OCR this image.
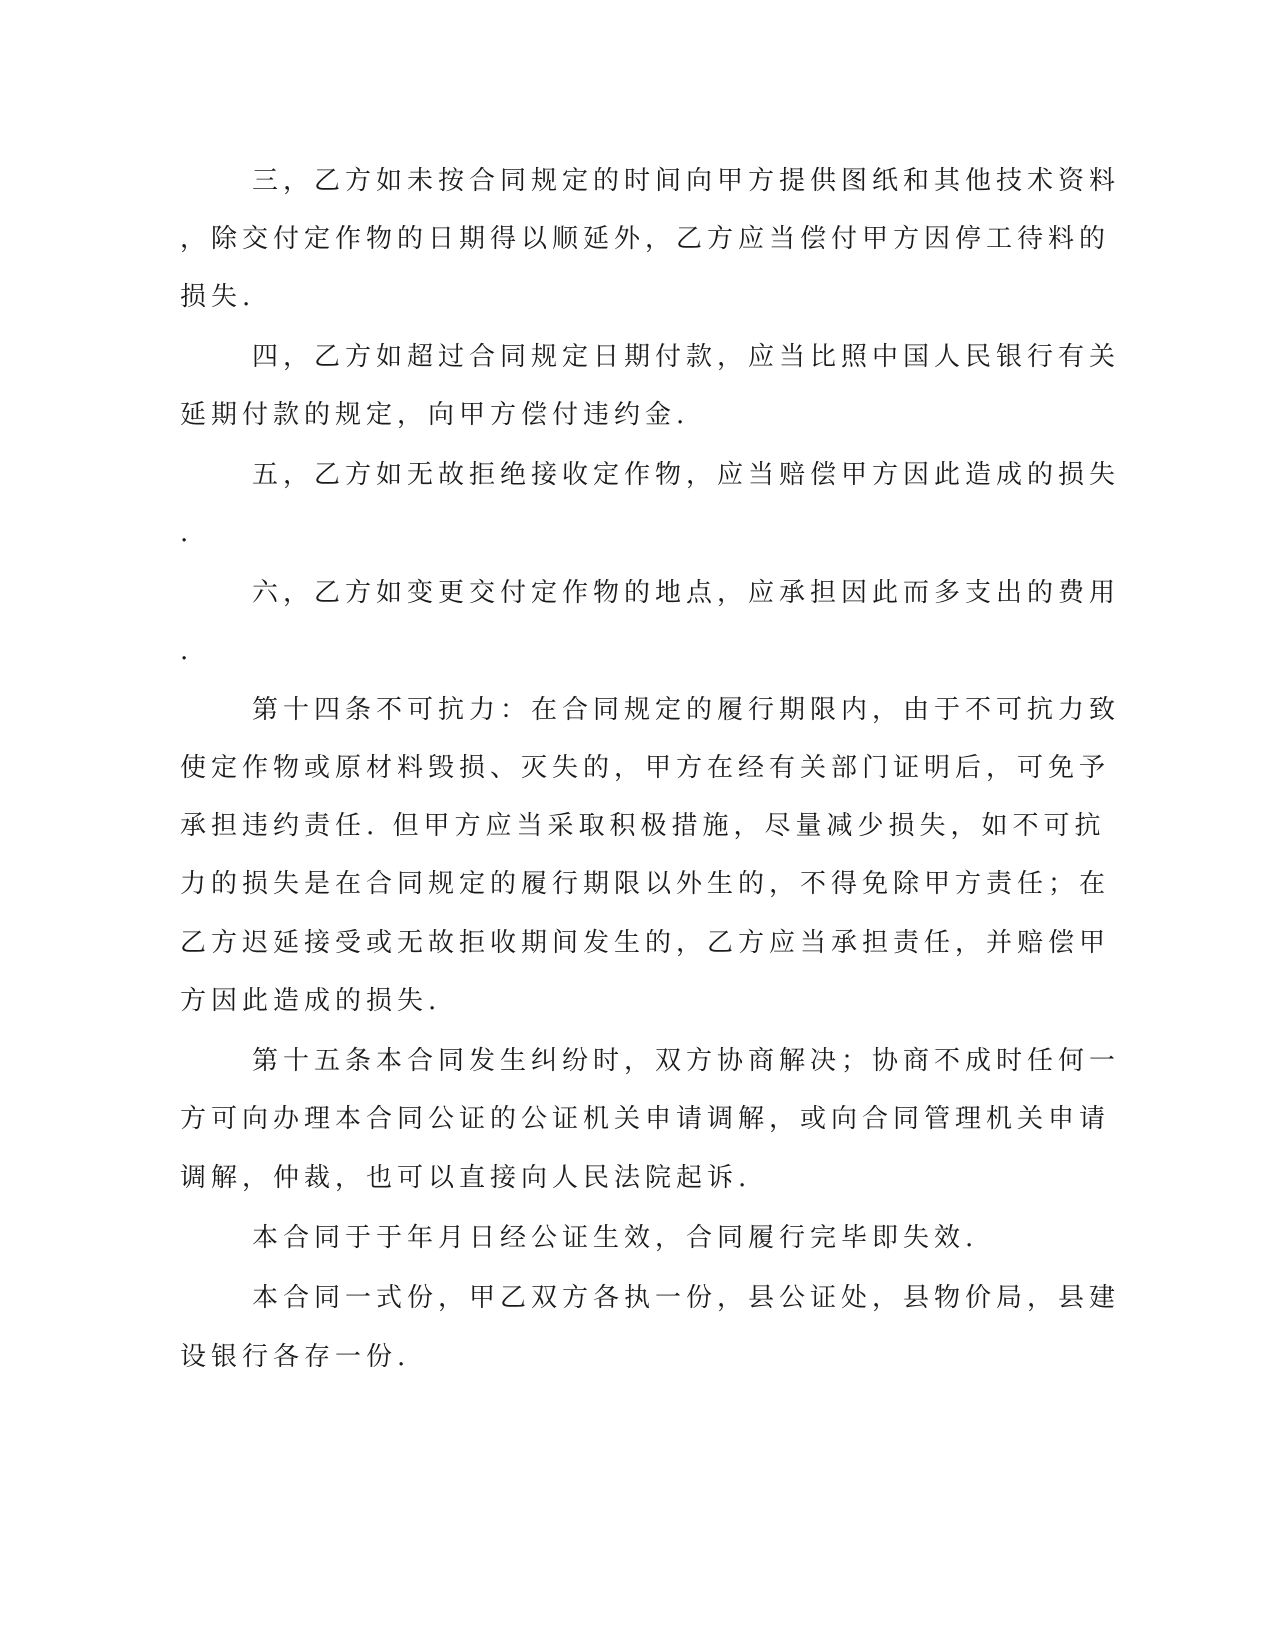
三，乙方如未按合同规定的时间向甲方提供图纸和其他技术资料
，除交付定作物的日期得以顺延外，乙方应当偿付甲方因停工待料的
损失.
四，乙方如超过合同规定日期付款，应当比照中国人民银行有关
延期付款的规定，向甲方偿付违约金.
五，乙方如无故拒绝接收定作物，应当赔偿甲方因此造成的损失
.
六，乙方如变更交付定作物的地点，应承担因此而多支出的费用
.
第十四条不可抗力：在合同规定的履行期限内，由于不可抗力致
使定作物或原材料毁损、灭失的，甲方在经有关部门证明后，可免予
承担违约责任. 但甲方应当采取积极措施，尽量减少损失，如不可抗
力的损失是在合同规定的履行期限以外生的，不得免除甲方责任；在
乙方迟延接受或无故拒收期间发生的，乙方应当承担责任，并赔偿甲
方因此造成的损失.
第十五条本合同发生纠纷时，双方协商解决；协商不成时任何一
方可向办理本合同公证的公证机关申请调解，或向合同管理机关申请
调解，仲裁，也可以直接向人民法院起诉.
本合同于于年月日经公证生效，合同履行完毕即失效.
本合同一式份，甲乙双方各执一份，县公证处，县物价局，县建
设银行各存一份.
